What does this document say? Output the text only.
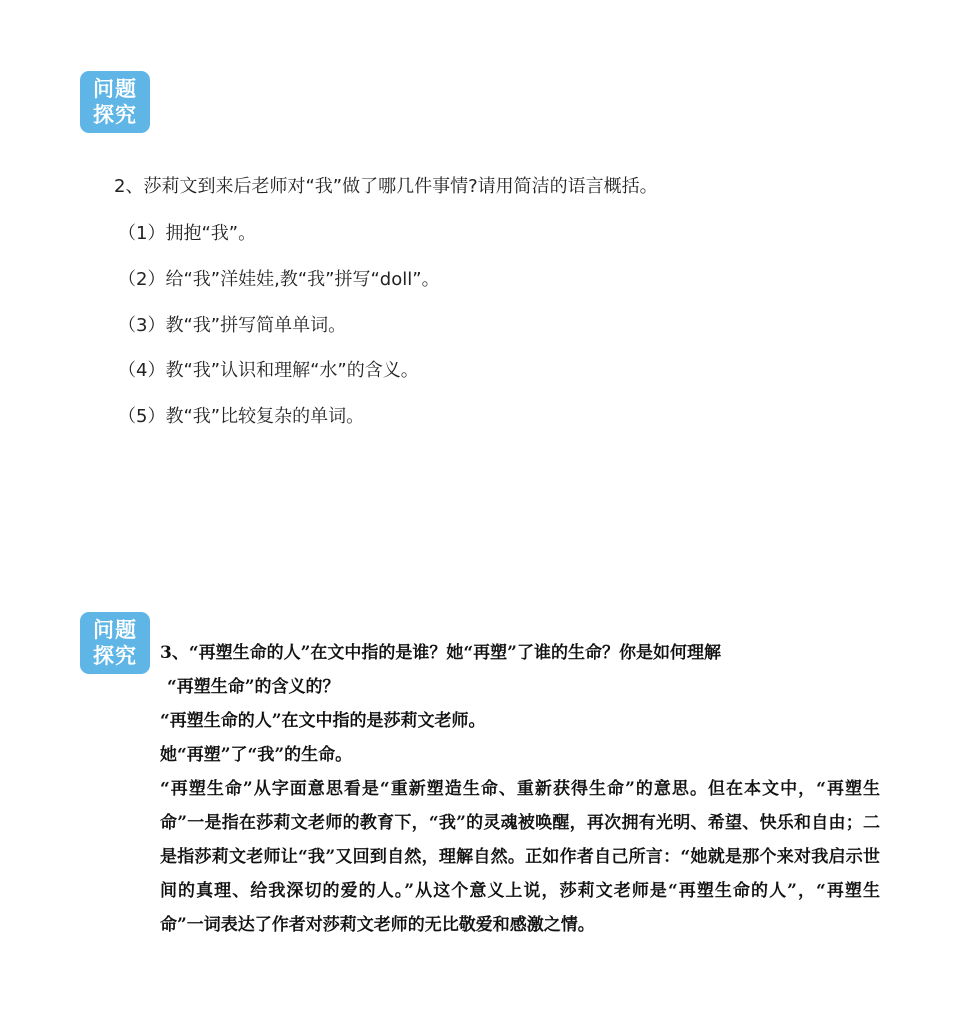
问题
探究
2、莎莉文到来后老师对“我”做了哪几件事情?请用简洁的语言概括。
（1）拥抱“我”。
（2）给“我”洋娃娃,教“我”拼写“doll”。
（3）教“我”拼写简单单词。
（4）教“我”认识和理解“水”的含义。
（5）教“我”比较复杂的单词。
问题
探究	3、“再塑生命的人”在文中指的是谁？她“再塑”了谁的生命？你是如何理解

“再塑生命”的含义的？

“再塑生命的人”在文中指的是莎莉文老师。

她“再塑”了“我”的生命。

“再塑生命”从字面意思看是“重新塑造生命、重新获得生命”的意思。但在本文中，“再塑生命”一是指在莎莉文老师的教育下，“我”的灵魂被唤醒，再次拥有光明、希望、快乐和自由；二是指莎莉文老师让“我”又回到自然，理解自然。正如作者自己所言：“她就是那个来对我启示世间的真理、给我深切的爱的人。”从这个意义上说，莎莉文老师是“再塑生命的人”，“再塑生命”一词表达了作者对莎莉文老师的无比敬爱和感激之情。
